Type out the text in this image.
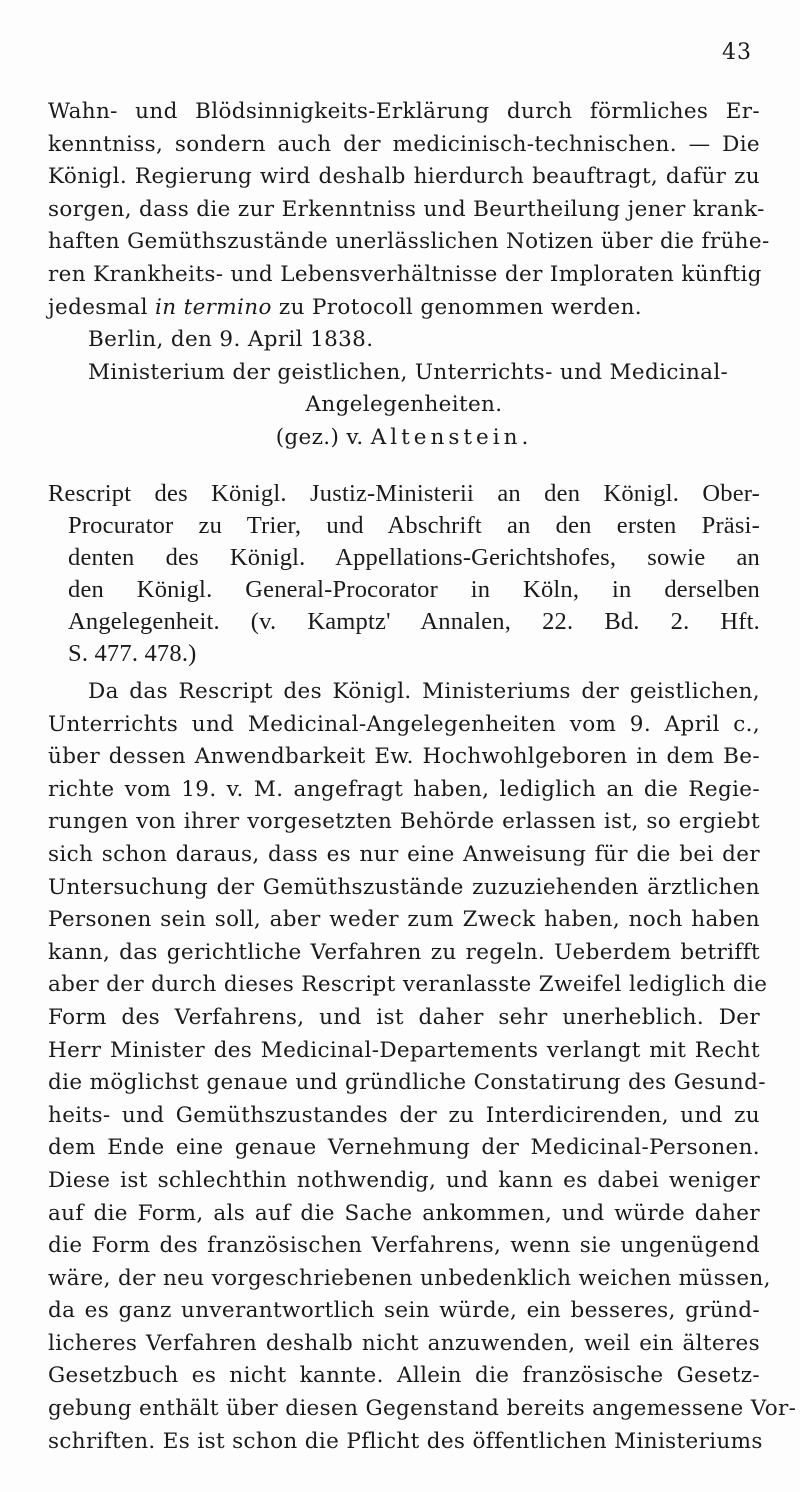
43
Wahn- und Blödsinnigkeits-Erklärung durch förmliches Er-
kenntniss, sondern auch der medicinisch-technischen. — Die
Königl. Regierung wird deshalb hierdurch beauftragt, dafür zu
sorgen, dass die zur Erkenntniss und Beurtheilung jener krank-
haften Gemüthszustände unerlässlichen Notizen über die frühe-
ren Krankheits- und Lebensverhältnisse der Imploraten künftig
jedesmal in termino zu Protocoll genommen werden.
Berlin, den 9. April 1838.
Ministerium der geistlichen, Unterrichts- und Medicinal-
Angelegenheiten.
(gez.) v. Altenstein.
Rescript des Königl. Justiz-Ministerii an den Königl. Ober-
Procurator zu Trier, und Abschrift an den ersten Präsi-
denten des Königl. Appellations-Gerichtshofes, sowie an
den Königl. General-Procorator in Köln, in derselben
Angelegenheit. (v. Kamptz' Annalen, 22. Bd. 2. Hft.
S. 477. 478.)
Da das Rescript des Königl. Ministeriums der geistlichen,
Unterrichts und Medicinal-Angelegenheiten vom 9. April c.,
über dessen Anwendbarkeit Ew. Hochwohlgeboren in dem Be-
richte vom 19. v. M. angefragt haben, lediglich an die Regie-
rungen von ihrer vorgesetzten Behörde erlassen ist, so ergiebt
sich schon daraus, dass es nur eine Anweisung für die bei der
Untersuchung der Gemüthszustände zuzuziehenden ärztlichen
Personen sein soll, aber weder zum Zweck haben, noch haben
kann, das gerichtliche Verfahren zu regeln. Ueberdem betrifft
aber der durch dieses Rescript veranlasste Zweifel lediglich die
Form des Verfahrens, und ist daher sehr unerheblich. Der
Herr Minister des Medicinal-Departements verlangt mit Recht
die möglichst genaue und gründliche Constatirung des Gesund-
heits- und Gemüthszustandes der zu Interdicirenden, und zu
dem Ende eine genaue Vernehmung der Medicinal-Personen.
Diese ist schlechthin nothwendig, und kann es dabei weniger
auf die Form, als auf die Sache ankommen, und würde daher
die Form des französischen Verfahrens, wenn sie ungenügend
wäre, der neu vorgeschriebenen unbedenklich weichen müssen,
da es ganz unverantwortlich sein würde, ein besseres, gründ-
licheres Verfahren deshalb nicht anzuwenden, weil ein älteres
Gesetzbuch es nicht kannte. Allein die französische Gesetz-
gebung enthält über diesen Gegenstand bereits angemessene Vor-
schriften. Es ist schon die Pflicht des öffentlichen Ministeriums
